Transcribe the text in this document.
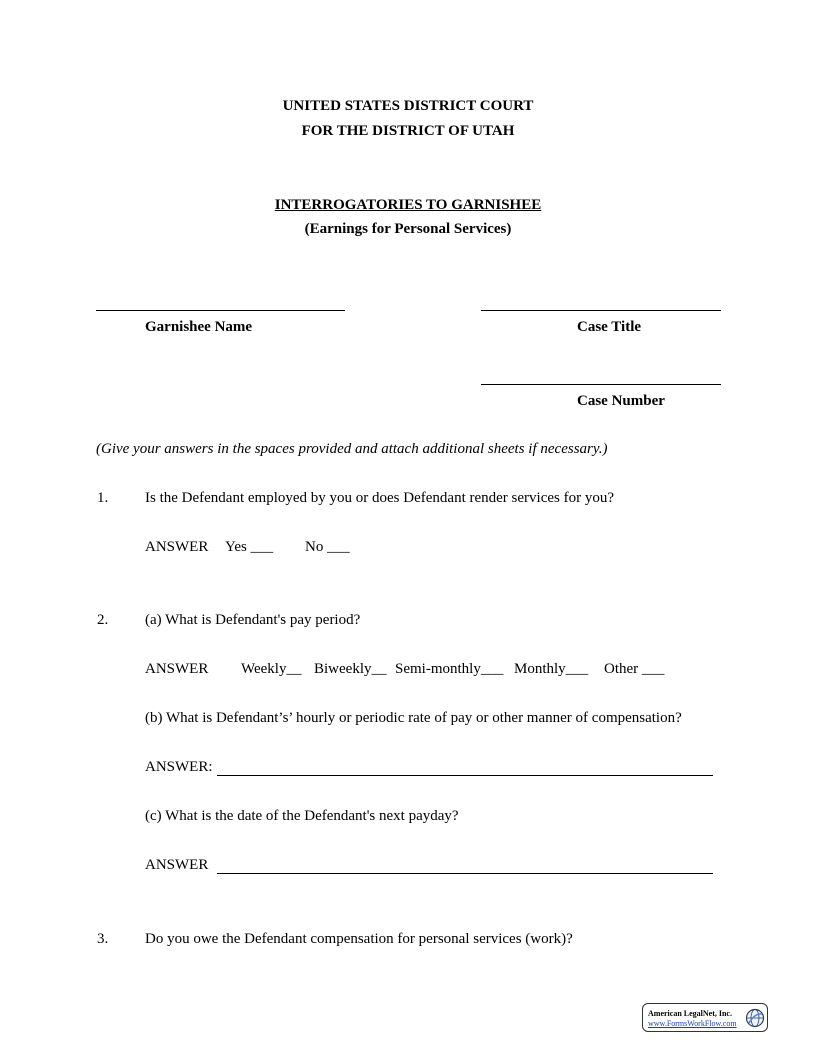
UNITED STATES DISTRICT COURT
FOR THE DISTRICT OF UTAH
INTERROGATORIES TO GARNISHEE
(Earnings for Personal Services)
Garnishee Name	Case Title
Case Number
(Give your answers in the spaces provided and attach additional sheets if necessary.)
1. Is the Defendant employed by you or does Defendant render services for you?
ANSWER Yes ___ No ___
2. (a) What is Defendant's pay period?
ANSWER Weekly__ Biweekly__ Semi-monthly___ Monthly___ Other ___
(b) What is Defendant’s’ hourly or periodic rate of pay or other manner of compensation?
ANSWER:
(c) What is the date of the Defendant's next payday?
ANSWER
3. Do you owe the Defendant compensation for personal services (work)?
American LegalNet, Inc.
www.FormsWorkFlow.com
